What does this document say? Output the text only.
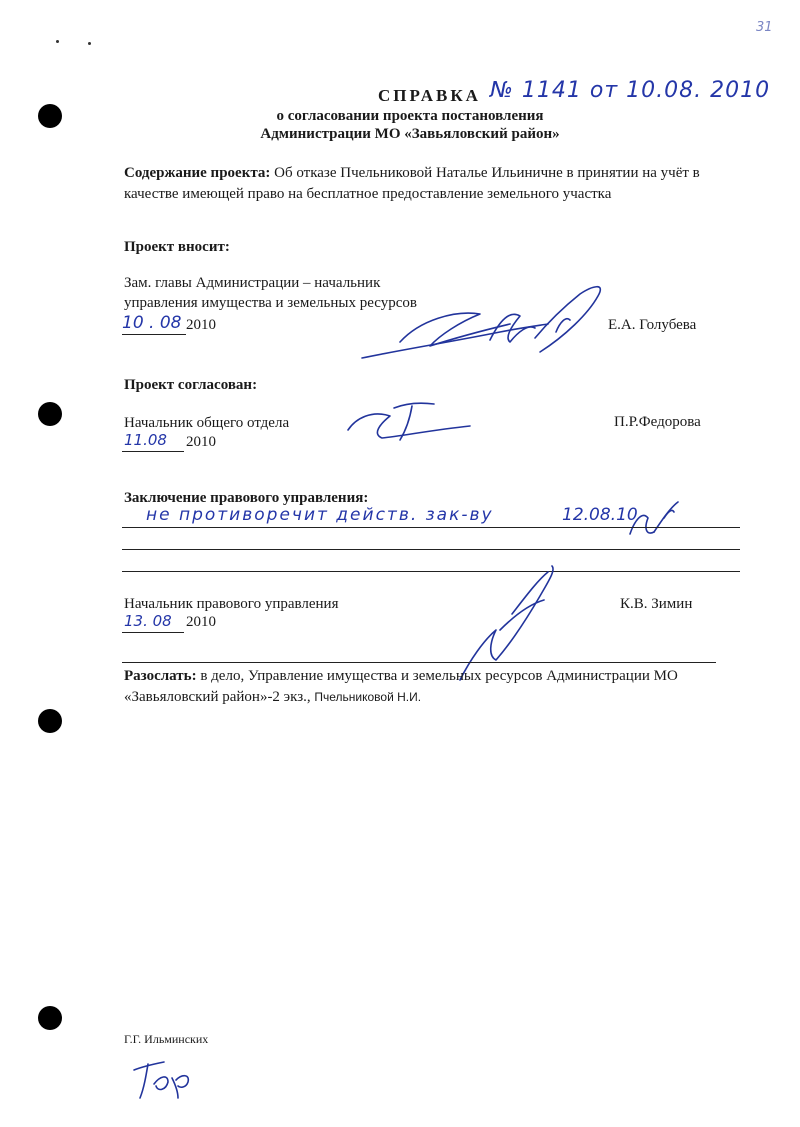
31
СПРАВКА № 1141 от 10.08. 2010
о согласовании проекта постановления
Администрации МО «Завьяловский район»
Содержание проекта: Об отказе Пчельниковой Наталье Ильиничне в принятии на учёт в
качестве имеющей право на бесплатное предоставление земельного участка
Проект вносит:
Зам. главы Администрации – начальник
управления имущества и земельных ресурсов
10 . 08 2010	Е.А. Голубева
Проект согласован:
Начальник общего отдела
11.08 2010
П.Р.Федорова
Заключение правового управления:
не противоречит действ. зак-ву	12.08.10
Начальник правового управления
13. 08 2010
К.В. Зимин
Разослать: в дело, Управление имущества и земельных ресурсов Администрации МО
«Завьяловский район»-2 экз., Пчельниковой Н.И.
Г.Г. Ильминских
